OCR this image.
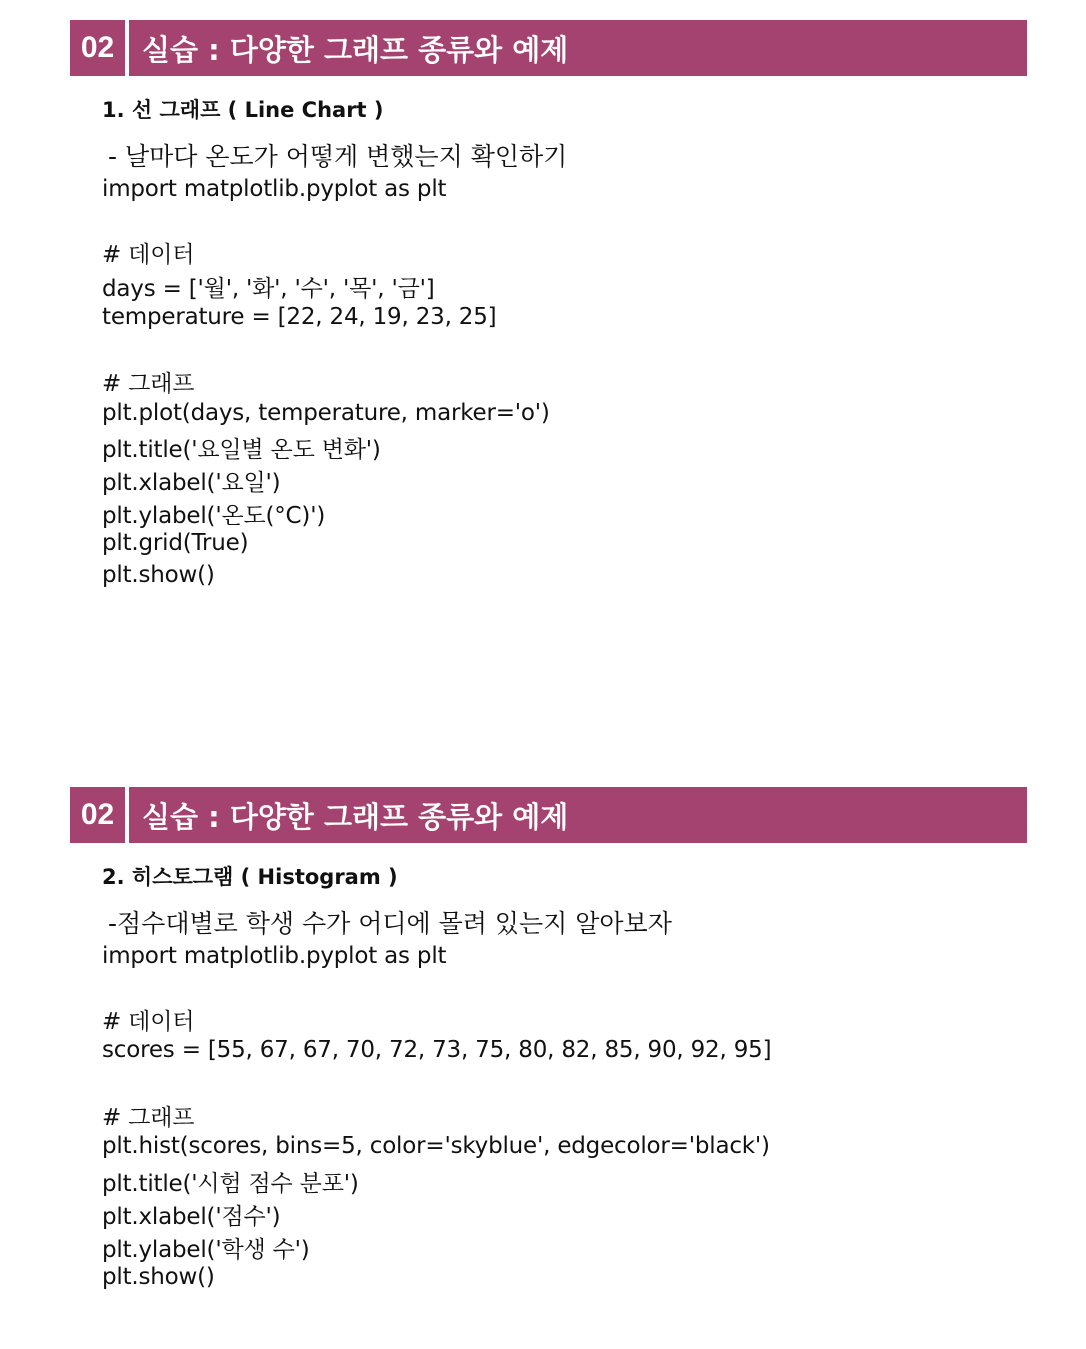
02 실습 : 다양한 그래프 종류와 예제
1. 선 그래프 ( Line Chart )
- 날마다 온도가 어떻게 변했는지 확인하기
import matplotlib.pyplot as plt
# 데이터
days = ['월', '화', '수', '목', '금']
temperature = [22, 24, 19, 23, 25]
# 그래프
plt.plot(days, temperature, marker='o')
plt.title('요일별 온도 변화')
plt.xlabel('요일')
plt.ylabel('온도(°C)')
plt.grid(True)
plt.show()
02 실습 : 다양한 그래프 종류와 예제
2. 히스토그램 ( Histogram )
-점수대별로 학생 수가 어디에 몰려 있는지 알아보자
import matplotlib.pyplot as plt
# 데이터
scores = [55, 67, 67, 70, 72, 73, 75, 80, 82, 85, 90, 92, 95]
# 그래프
plt.hist(scores, bins=5, color='skyblue', edgecolor='black')
plt.title('시험 점수 분포')
plt.xlabel('점수')
plt.ylabel('학생 수')
plt.show()
